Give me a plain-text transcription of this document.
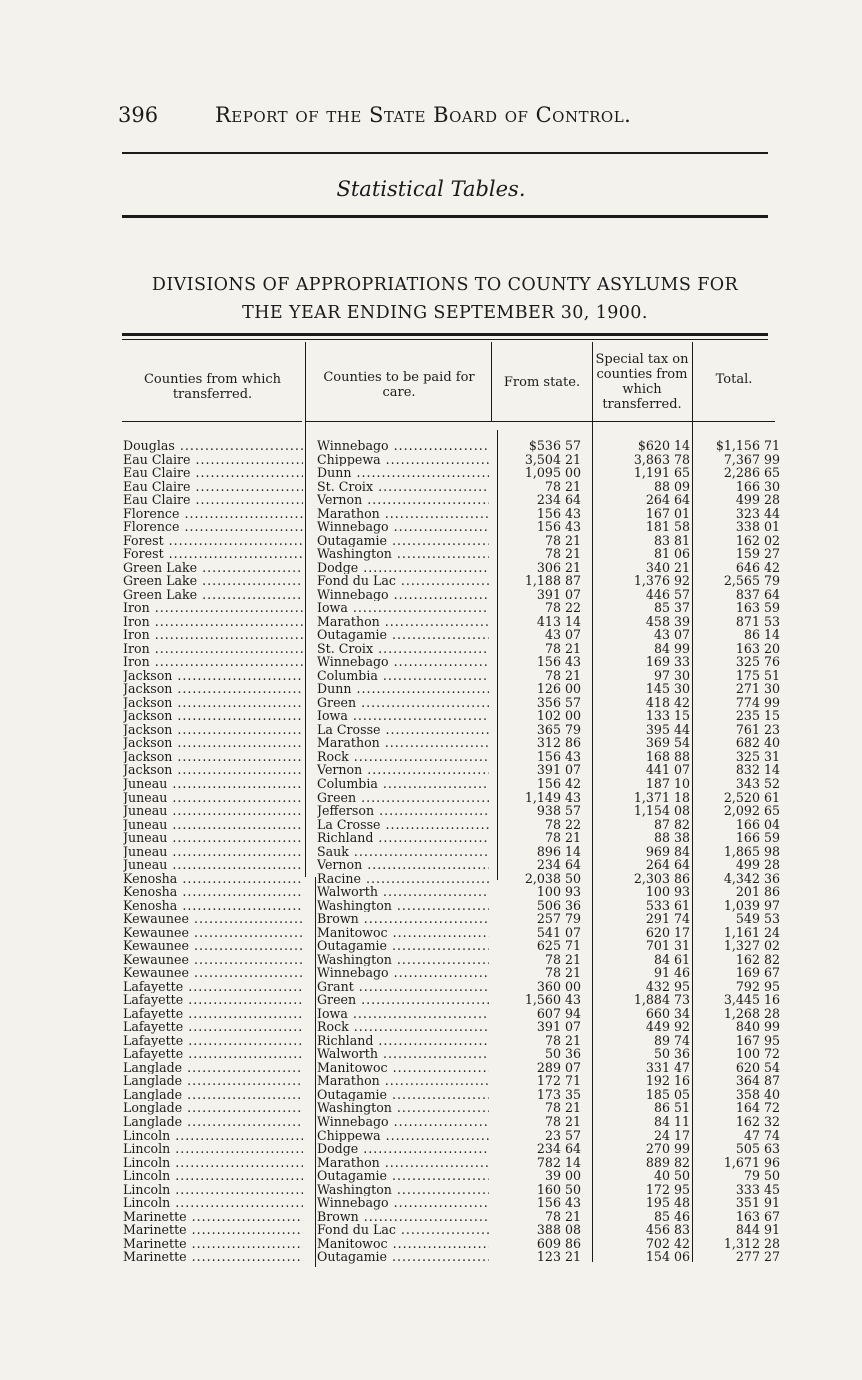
396	Report of the State Board of Control.
Statistical Tables.
DIVISIONS OF APPROPRIATIONS TO COUNTY ASYLUMS FOR
THE YEAR ENDING SEPTEMBER 30, 1900.
Counties from which transferred.
Counties to be paid for care.
From state.
Special tax on counties from which transferred.
Total.
Douglas .....	Winnebago .....	$536 57	$620 14	$1,156 71
Eau Claire .....	Chippewa .....	3,504 21	3,863 78	7,367 99
Eau Claire .....	Dunn .....	1,095 00	1,191 65	2,286 65
Eau Claire .....	St. Croix .....	78 21	88 09	166 30
Eau Claire .....	Vernon .....	234 64	264 64	499 28
Florence .....	Marathon .....	156 43	167 01	323 44
Florence .....	Winnebago .....	156 43	181 58	338 01
Forest .....	Outagamie .....	78 21	83 81	162 02
Forest .....	Washington .....	78 21	81 06	159 27
Green Lake .....	Dodge .....	306 21	340 21	646 42
Green Lake .....	Fond du Lac .....	1,188 87	1,376 92	2,565 79
Green Lake .....	Winnebago .....	391 07	446 57	837 64
Iron .....	Iowa .....	78 22	85 37	163 59
Iron .....	Marathon .....	413 14	458 39	871 53
Iron .....	Outagamie .....	43 07	43 07	86 14
Iron .....	St. Croix .....	78 21	84 99	163 20
Iron .....	Winnebago .....	156 43	169 33	325 76
Jackson .....	Columbia .....	78 21	97 30	175 51
Jackson .....	Dunn .....	126 00	145 30	271 30
Jackson .....	Green .....	356 57	418 42	774 99
Jackson .....	Iowa .....	102 00	133 15	235 15
Jackson .....	La Crosse .....	365 79	395 44	761 23
Jackson .....	Marathon .....	312 86	369 54	682 40
Jackson .....	Rock .....	156 43	168 88	325 31
Jackson .....	Vernon .....	391 07	441 07	832 14
Juneau .....	Columbia .....	156 42	187 10	343 52
Juneau .....	Green .....	1,149 43	1,371 18	2,520 61
Juneau .....	Jefferson .....	938 57	1,154 08	2,092 65
Juneau .....	La Crosse .....	78 22	87 82	166 04
Juneau .....	Richland .....	78 21	88 38	166 59
Juneau .....	Sauk .....	896 14	969 84	1,865 98
Juneau .....	Vernon .....	234 64	264 64	499 28
Kenosha .....	Racine .....	2,038 50	2,303 86	4,342 36
Kenosha .....	Walworth .....	100 93	100 93	201 86
Kenosha .....	Washington .....	506 36	533 61	1,039 97
Kewaunee .....	Brown .....	257 79	291 74	549 53
Kewaunee .....	Manitowoc .....	541 07	620 17	1,161 24
Kewaunee .....	Outagamie .....	625 71	701 31	1,327 02
Kewaunee .....	Washington .....	78 21	84 61	162 82
Kewaunee .....	Winnebago .....	78 21	91 46	169 67
Lafayette .....	Grant .....	360 00	432 95	792 95
Lafayette .....	Green .....	1,560 43	1,884 73	3,445 16
Lafayette .....	Iowa .....	607 94	660 34	1,268 28
Lafayette .....	Rock .....	391 07	449 92	840 99
Lafayette .....	Richland .....	78 21	89 74	167 95
Lafayette .....	Walworth .....	50 36	50 36	100 72
Langlade .....	Manitowoc .....	289 07	331 47	620 54
Langlade .....	Marathon .....	172 71	192 16	364 87
Langlade .....	Outagamie .....	173 35	185 05	358 40
Longlade .....	Washington .....	78 21	86 51	164 72
Langlade .....	Winnebago .....	78 21	84 11	162 32
Lincoln .....	Chippewa .....	23 57	24 17	47 74
Lincoln .....	Dodge .....	234 64	270 99	505 63
Lincoln .....	Marathon .....	782 14	889 82	1,671 96
Lincoln .....	Outagamie .....	39 00	40 50	79 50
Lincoln .....	Washington .....	160 50	172 95	333 45
Lincoln .....	Winnebago .....	156 43	195 48	351 91
Marinette .....	Brown .....	78 21	85 46	163 67
Marinette .....	Fond du Lac .....	388 08	456 83	844 91
Marinette .....	Manitowoc .....	609 86	702 42	1,312 28
Marinette .....	Outagamie .....	123 21	154 06	277 27
